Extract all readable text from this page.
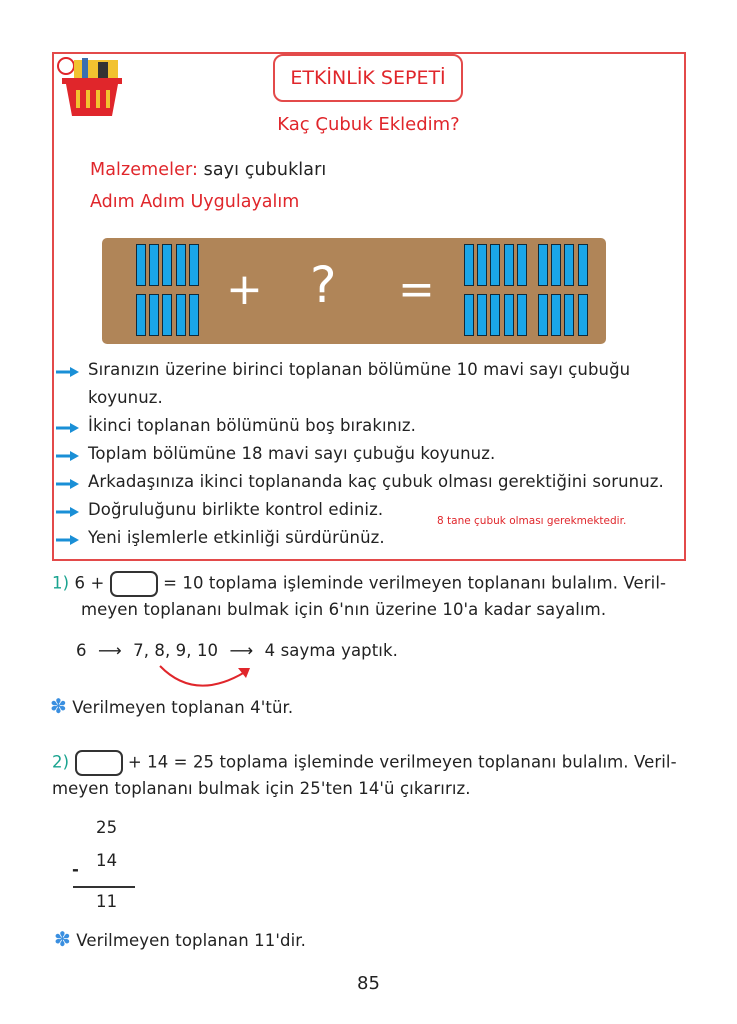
ETKİNLİK SEPETİ
Kaç Çubuk Ekledim?
Malzemeler: sayı çubukları
Adım Adım Uygulayalım
+ ? =
Sıranızın üzerine birinci toplanan bölümüne 10 mavi sayı çubuğu
koyunuz.
İkinci toplanan bölümünü boş bırakınız.
Toplam bölümüne 18 mavi sayı çubuğu koyunuz.
Arkadaşınıza ikinci toplananda kaç çubuk olması gerektiğini sorunuz.
Doğruluğunu birlikte kontrol ediniz.
Yeni işlemlerle etkinliği sürdürünüz.
8 tane çubuk olması gerekmektedir.
1) 6 +	= 10 toplama işleminde verilmeyen toplananı bulalım. Veril-
meyen toplananı bulmak için 6'nın üzerine 10'a kadar sayalım.
6 ⟶ 7, 8, 9, 10 ⟶ 4 sayma yaptık.
✽ Verilmeyen toplanan 4'tür.
2)	+ 14 = 25 toplama işleminde verilmeyen toplananı bulalım. Veril-
meyen toplananı bulmak için 25'ten 14'ü çıkarırız.
25
14
-
11
✽ Verilmeyen toplanan 11'dir.
85
